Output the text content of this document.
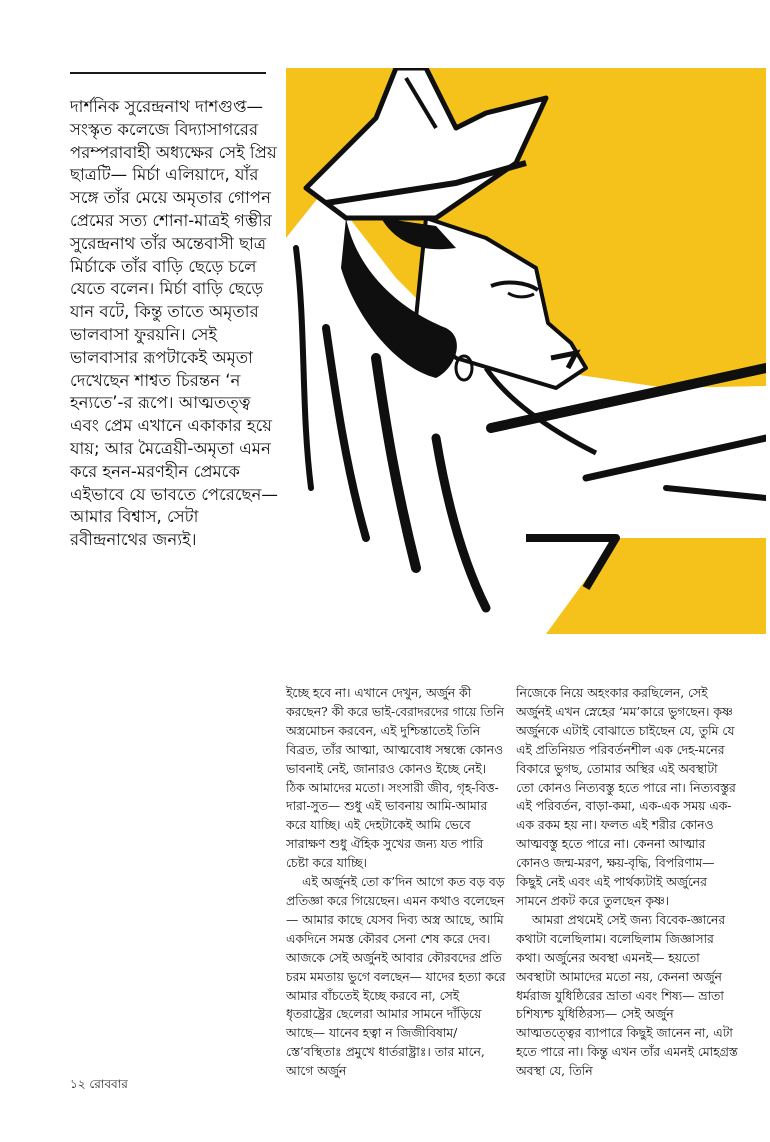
দার্শনিক সুরেন্দ্রনাথ দাশগুপ্ত— সংস্কৃত কলেজে বিদ্যাসাগরের পরম্পরাবাহী অধ্যক্ষের সেই প্রিয় ছাত্রটি— মির্চা এলিয়াদে, যাঁর সঙ্গে তাঁর মেয়ে অমৃতার গোপন প্রেমের সত্য শোনা-মাত্রই গম্ভীর সুরেন্দ্রনাথ তাঁর অন্তেবাসী ছাত্র মির্চাকে তাঁর বাড়ি ছেড়ে চলে যেতে বলেন। মির্চা বাড়ি ছেড়ে যান বটে, কিন্তু তাতে অমৃতার ভালবাসা ফুরয়নি। সেই ভালবাসার রূপটাকেই অমৃতা দেখেছেন শাশ্বত চিরন্তন ‘ন হন্যতে’-র রূপে। আত্মতত্ত্ব এবং প্রেম এখানে একাকার হয়ে যায়; আর মৈত্রেয়ী-অমৃতা এমন করে হনন-মরণহীন প্রেমকে এইভাবে যে ভাবতে পেরেছেন— আমার বিশ্বাস, সেটা রবীন্দ্রনাথের জন্যই।

ইচ্ছে হবে না। এখানে দেখুন, অর্জুন কী করছেন? কী করে ভাই-বেরাদরদের গায়ে তিনি অস্ত্রমোচন করবেন, এই দুশ্চিন্তাতেই তিনি বিব্রত, তাঁর আত্মা, আত্মবোধ সম্বন্ধে কোনও ভাবনাই নেই, জানারও কোনও ইচ্ছে নেই। ঠিক আমাদের মতো। সংসারী জীব, গৃহ-বিত্ত-দারা-সুত— শুধু এই ভাবনায় আমি-আমার করে যাচ্ছি। এই দেহটাকেই আমি ভেবে সারাক্ষণ শুধু ঐহিক সুখের জন্য যত পারি চেষ্টা করে যাচ্ছি।

এই অর্জুনই তো ক’দিন আগে কত বড় বড় প্রতিজ্ঞা করে গিয়েছেন। এমন কথাও বলেছেন— আমার কাছে যেসব দিব্য অস্ত্র আছে, আমি একদিনে সমস্ত কৌরব সেনা শেষ করে দেব। আজকে সেই অর্জুনই আবার কৌরবদের প্রতি চরম মমতায় ভুগে বলছেন— যাদের হত্যা করে আমার বাঁচতেই ইচ্ছে করবে না, সেই ধৃতরাষ্ট্রের ছেলেরা আমার সামনে দাঁড়িয়ে আছে— যানেব হত্বা ন জিজীবিষাম/ স্তে’বস্থিতাঃ প্রমুখে ধার্তরাষ্ট্রাঃ। তার মানে, আগে অর্জুন

নিজেকে নিয়ে অহংকার করছিলেন, সেই অর্জুনই এখন স্নেহের ‘মম’কারে ভুগছেন। কৃষ্ণ অর্জুনকে এটাই বোঝাতে চাইছেন যে, তুমি যে এই প্রতিনিয়ত পরিবর্তনশীল এক দেহ-মনের বিকারে ভুগছ, তোমার অস্থির এই অবস্থাটা তো কোনও নিত্যবস্তু হতে পারে না। নিত্যবস্তুর এই পরিবর্তন, বাড়া-কমা, এক-এক সময় এক-এক রকম হয় না। ফলত এই শরীর কোনও আত্মবস্তু হতে পারে না। কেননা আত্মার কোনও জন্ম-মরণ, ক্ষয়-বৃদ্ধি, বিপরিণাম— কিছুই নেই এবং এই পার্থক্যটাই অর্জুনের সামনে প্রকট করে তুলছেন কৃষ্ণ।

আমরা প্রথমেই সেই জন্য বিবেক-জ্ঞানের কথাটা বলেছিলাম। বলেছিলাম জিজ্ঞাসার কথা। অর্জুনের অবস্থা এমনই— হয়তো অবস্থাটা আমাদের মতো নয়, কেননা অর্জুন ধর্মরাজ যুধিষ্ঠিরের ভ্রাতা এবং শিষ্য— ভ্রাতা চশিষ্যশ্চ যুধিষ্ঠিরস্য— সেই অর্জুন আত্মতত্ত্বের ব্যাপারে কিছুই জানেন না, এটা হতে পারে না। কিন্তু এখন তাঁর এমনই মোহগ্রস্ত অবস্থা যে, তিনি

১২ রোববার
